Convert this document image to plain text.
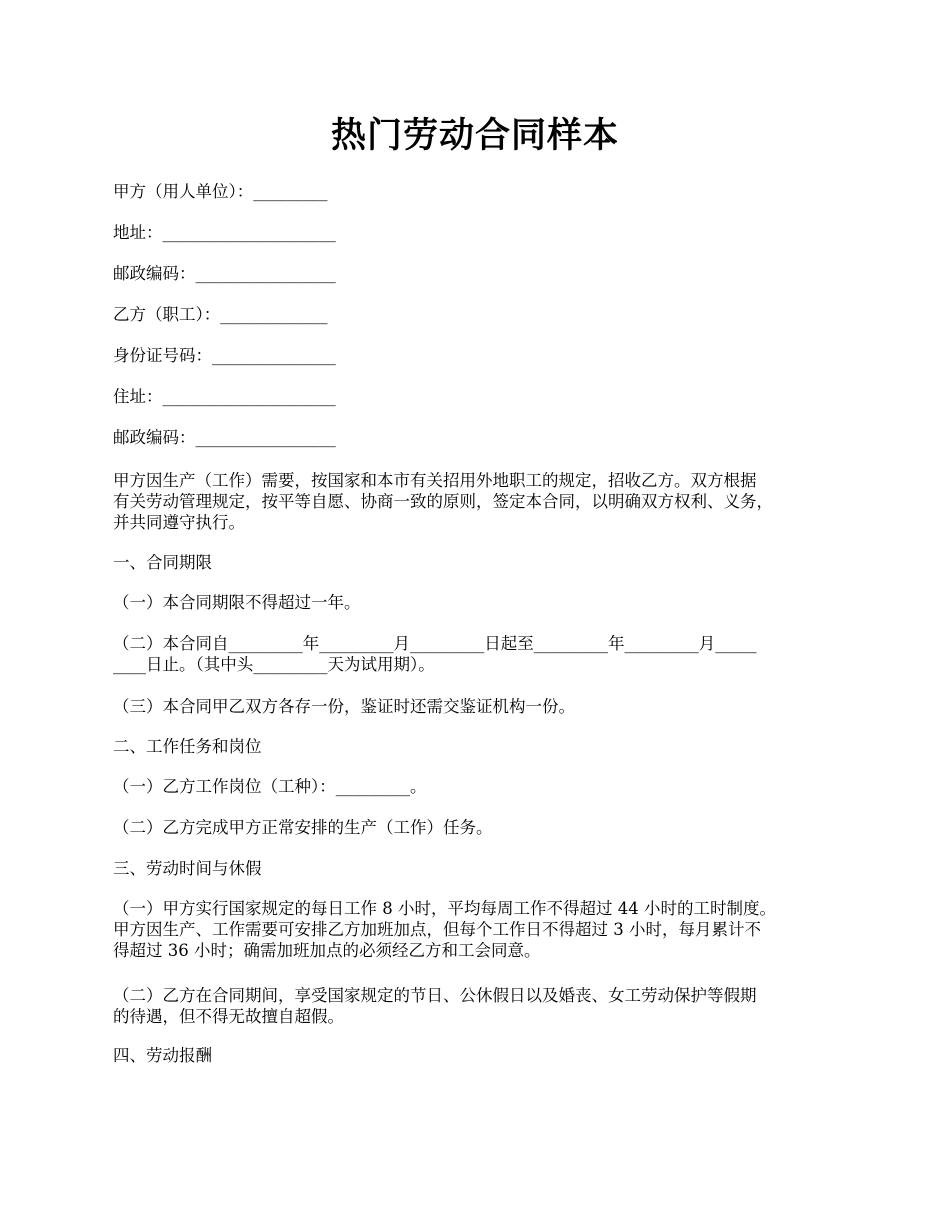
热门劳动合同样本
甲方（用人单位）：_________
地址：_____________________
邮政编码：_________________
乙方（职工）：_____________
身份证号码：_______________
住址：_____________________
邮政编码：_________________
甲方因生产（工作）需要，按国家和本市有关招用外地职工的规定，招收乙方。双方根据
有关劳动管理规定，按平等自愿、协商一致的原则，签定本合同，以明确双方权利、义务，
并共同遵守执行。
一、合同期限
（一）本合同期限不得超过一年。
（二）本合同自_________年_________月_________日起至_________年_________月_____
____日止。（其中头_________天为试用期）。
（三）本合同甲乙双方各存一份，鉴证时还需交鉴证机构一份。
二、工作任务和岗位
（一）乙方工作岗位（工种）：_________。
（二）乙方完成甲方正常安排的生产（工作）任务。
三、劳动时间与休假
（一）甲方实行国家规定的每日工作 8 小时，平均每周工作不得超过 44 小时的工时制度。
甲方因生产、工作需要可安排乙方加班加点，但每个工作日不得超过 3 小时，每月累计不
得超过 36 小时；确需加班加点的必须经乙方和工会同意。
（二）乙方在合同期间，享受国家规定的节日、公休假日以及婚丧、女工劳动保护等假期
的待遇，但不得无故擅自超假。
四、劳动报酬
